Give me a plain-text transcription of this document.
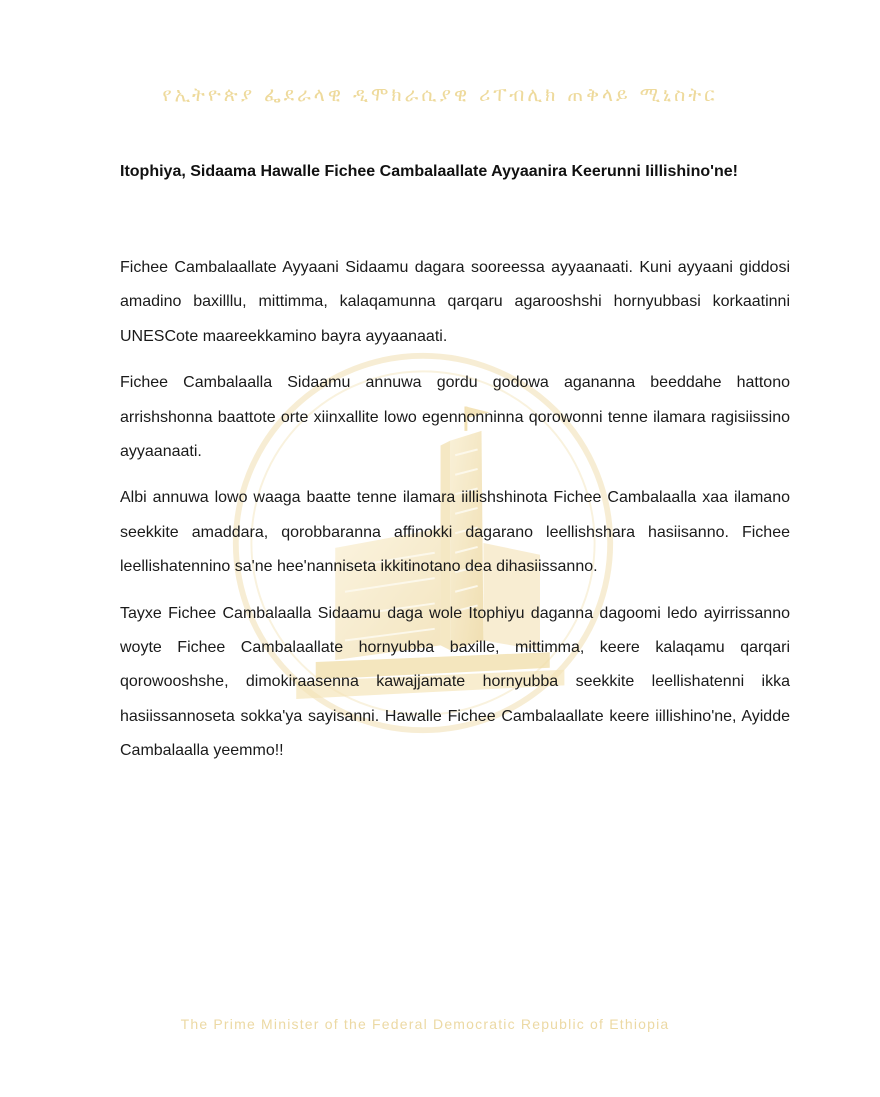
የኢትዮጵያ ፌደራላዊ ዲሞክራሲያዊ ሪፐብሊክ ጠቅላይ ሚኒስትር
Itophiya, Sidaama Hawalle Fichee Cambalaallate Ayyaanira Keerunni Iillishino'ne!

Fichee Cambalaallate Ayyaani Sidaamu dagara sooreessa ayyaanaati. Kuni ayyaani giddosi amadino baxilllu, mittimma, kalaqamunna qarqaru agarooshshi hornyubbasi korkaatinni UNESCote maareekkamino bayra ayyaanaati.

Fichee Cambalaalla Sidaamu annuwa gordu godowa agananna beeddahe hattono arrishshonna baattote orte xiinxallite lowo egennonninna qorowonni tenne ilamara ragisiissino ayyaanaati.

Albi annuwa lowo waaga baatte tenne ilamara iillishshinota Fichee Cambalaalla xaa ilamano seekkite amaddara, qorobbaranna affinokki dagarano leellishshara hasiisanno. Fichee leellishatennino sa'ne hee'nanniseta ikkitinotano dea dihasiissanno.

Tayxe Fichee Cambalaalla Sidaamu daga wole Itophiyu daganna dagoomi ledo ayirrissanno woyte Fichee Cambalaallate hornyubba baxille, mittimma, keere kalaqamu qarqari qorowooshshe, dimokiraasenna kawajjamate hornyubba seekkite leellishatenni ikka hasiissannoseta sokka'ya sayisanni. Hawalle Fichee Cambalaallate keere iillishino'ne, Ayidde Cambalaalla yeemmo!!

The Prime Minister of the Federal Democratic Republic of Ethiopia
